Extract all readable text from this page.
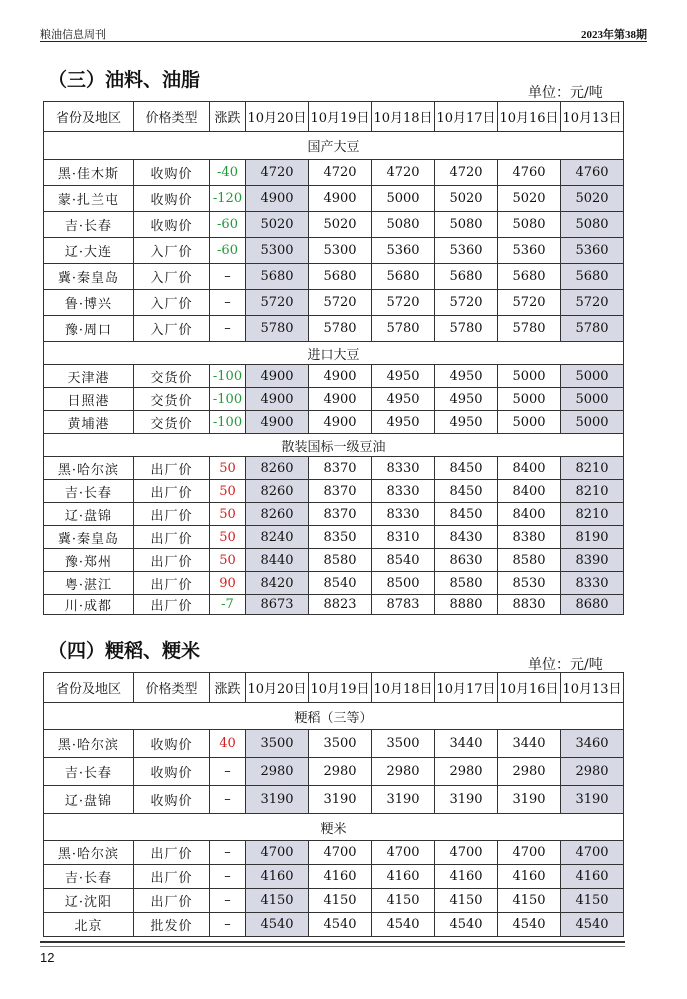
粮油信息周刊	2023年第38期
（三）油料、油脂
单位：元/吨
省份及地区	价格类型	涨跌	10月20日	10月19日	10月18日	10月17日	10月16日	10月13日
国产大豆								
黑·佳木斯	收购价	-40	4720	4720	4720	4720	4760	4760
蒙·扎兰屯	收购价	-120	4900	4900	5000	5020	5020	5020
吉·长春	收购价	-60	5020	5020	5080	5080	5080	5080
辽·大连	入厂价	-60	5300	5300	5360	5360	5360	5360
冀·秦皇岛	入厂价	–	5680	5680	5680	5680	5680	5680
鲁·博兴	入厂价	–	5720	5720	5720	5720	5720	5720
豫·周口	入厂价	–	5780	5780	5780	5780	5780	5780
进口大豆								
天津港	交货价	-100	4900	4900	4950	4950	5000	5000
日照港	交货价	-100	4900	4900	4950	4950	5000	5000
黄埔港	交货价	-100	4900	4900	4950	4950	5000	5000
散装国标一级豆油								
黑·哈尔滨	出厂价	50	8260	8370	8330	8450	8400	8210
吉·长春	出厂价	50	8260	8370	8330	8450	8400	8210
辽·盘锦	出厂价	50	8260	8370	8330	8450	8400	8210
冀·秦皇岛	出厂价	50	8240	8350	8310	8430	8380	8190
豫·郑州	出厂价	50	8440	8580	8540	8630	8580	8390
粤·湛江	出厂价	90	8420	8540	8500	8580	8530	8330
川·成都	出厂价	-7	8673	8823	8783	8880	8830	8680
（四）粳稻、粳米
单位：元/吨
省份及地区	价格类型	涨跌	10月20日	10月19日	10月18日	10月17日	10月16日	10月13日
粳稻（三等）								
黑·哈尔滨	收购价	40	3500	3500	3500	3440	3440	3460
吉·长春	收购价	–	2980	2980	2980	2980	2980	2980
辽·盘锦	收购价	–	3190	3190	3190	3190	3190	3190
粳米								
黑·哈尔滨	出厂价	–	4700	4700	4700	4700	4700	4700
吉·长春	出厂价	–	4160	4160	4160	4160	4160	4160
辽·沈阳	出厂价	–	4150	4150	4150	4150	4150	4150
北京	批发价	–	4540	4540	4540	4540	4540	4540
12
